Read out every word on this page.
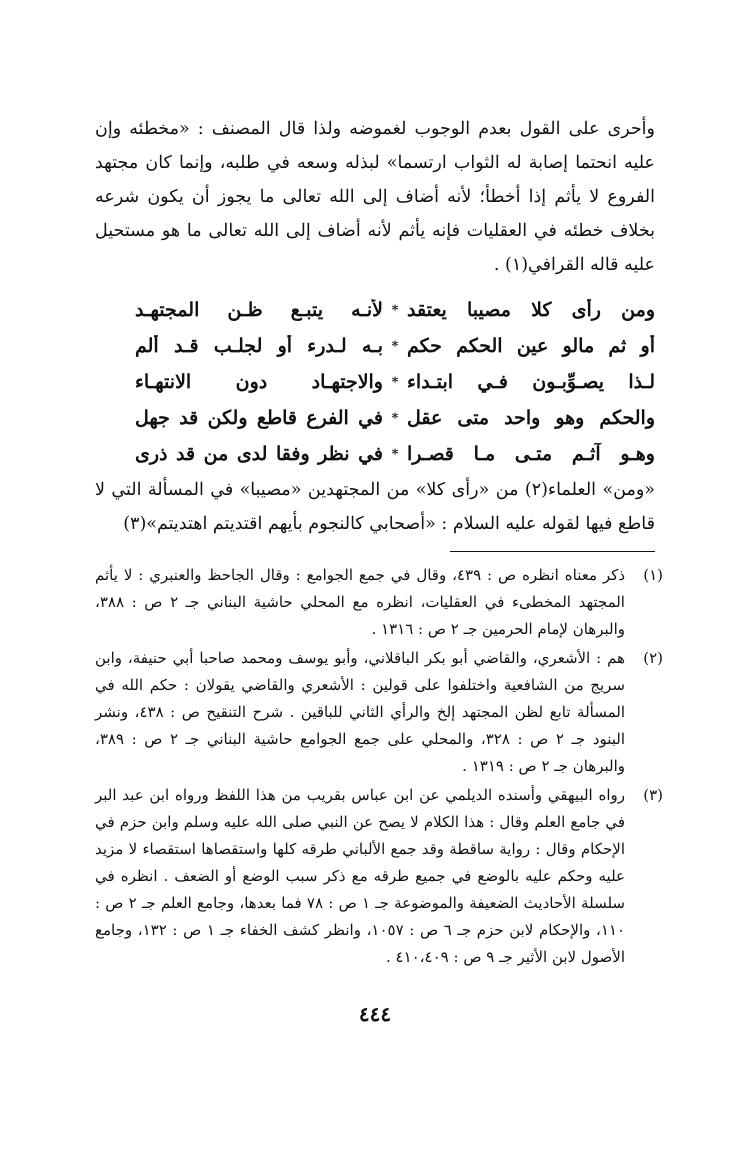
وأحرى على القول بعدم الوجوب لغموضه ولذا قال المصنف : «مخطئه وإن عليه انحتما إصابة له الثواب ارتسما» لبذله وسعه في طلبه، وإنما كان مجتهد الفروع لا يأثم إذا أخطأ؛ لأنه أضاف إلى الله تعالى ما يجوز أن يكون شرعه بخلاف خطئه في العقليات فإنه يأثم لأنه أضاف إلى الله تعالى ما هو مستحيل عليه قاله القرافي(١) .

ومن رأى كلا مصيبا يعتقد
*
لأنـه يتبـع ظـن المجتهـد
أو ثم مالو عين الحكم حكم
*
بـه لـدرء أو لجلـب قـد ألم
لـذا يصـوِّبـون فـي ابتـداء
*
والاجتهـاد دون الانتهـاء
والحكم وهو واحد متى عقل
*
في الفرع قاطع ولكن قد جهل
وهـو آثـم متـى مـا قصـرا
*
في نظر وفقا لدى من قد ذرى

«ومن» العلماء(٢) من «رأى كلا» من المجتهدين «مصيبا» في المسألة التي لا قاطع فيها لقوله عليه السلام : «أصحابي كالنجوم بأيهم اقتديتم اهتديتم»(٣)

(١)
ذكر معناه انظره ص : ٤٣٩، وقال في جمع الجوامع : وقال الجاحظ والعنبري : لا يأثم المجتهد المخطىء في العقليات، انظره مع المحلي حاشية البناني جـ ٢ ص : ٣٨٨، والبرهان لإمام الحرمين جـ ٢ ص : ١٣١٦ .
(٢)
هم : الأشعري، والقاضي أبو بكر الباقلاني، وأبو يوسف ومحمد صاحبا أبي حنيفة، وابن سريج من الشافعية واختلفوا على قولين : الأشعري والقاضي يقولان : حكم الله في المسألة تابع لظن المجتهد إلخ والرأي الثاني للباقين . شرح التنقيح ص : ٤٣٨، ونشر البنود جـ ٢ ص : ٣٢٨، والمحلي على جمع الجوامع حاشية البناني جـ ٢ ص : ٣٨٩، والبرهان جـ ٢ ص : ١٣١٩ .
(٣)
رواه البيهقي وأسنده الديلمي عن ابن عباس بقريب من هذا اللفظ ورواه ابن عبد البر في جامع العلم وقال : هذا الكلام لا يصح عن النبي صلى الله عليه وسلم وابن حزم في الإحكام وقال : رواية ساقطة وقد جمع الألباني طرقه كلها واستقصاها استقصاء لا مزيد عليه وحكم عليه بالوضع في جميع طرقه مع ذكر سبب الوضع أو الضعف . انظره في سلسلة الأحاديث الضعيفة والموضوعة جـ ١ ص : ٧٨ فما بعدها، وجامع العلم جـ ٢ ص : ١١٠، والإحكام لابن حزم جـ ٦ ص : ١٠٥٧، وانظر كشف الخفاء جـ ١ ص : ١٣٢، وجامع الأصول لابن الأثير جـ ٩ ص : ٤١٠،٤٠٩ .
٤٤٤
